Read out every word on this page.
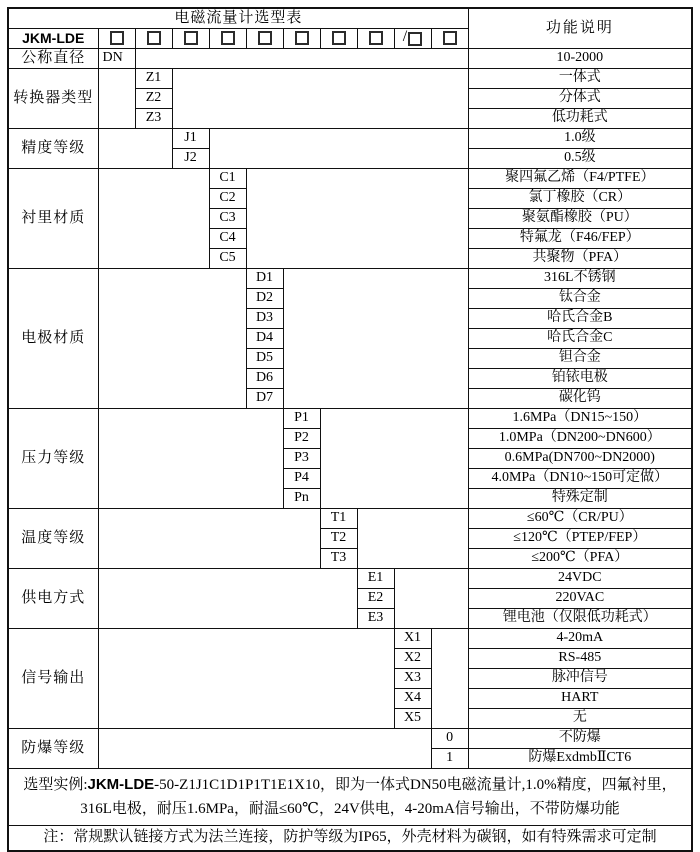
电磁流量计选型表											功能说明
JKM-LDE									/		
公称直径	DN										10-2000
转换器类型		Z1									一体式
		Z2									分体式
		Z3									低功耗式
精度等级			J1								1.0级
			J2								0.5级
衬里材质				C1							聚四氟乙烯（F4/PTFE）
				C2							氯丁橡胶（CR）
				C3							聚氨酯橡胶（PU）
				C4							特氟龙（F46/FEP）
				C5							共聚物（PFA）
电极材质					D1						316L不锈钢
					D2						钛合金
					D3						哈氏合金B
					D4						哈氏合金C
					D5						钽合金
					D6						铂铱电极
					D7						碳化钨
压力等级						P1					1.6MPa（DN15~150）
						P2					1.0MPa（DN200~DN600）
						P3					0.6MPa(DN700~DN2000)
						P4					4.0MPa（DN10~150可定做）
						Pn					特殊定制
温度等级							T1				≤60℃（CR/PU）
							T2				≤120℃（PTEP/FEP）
							T3				≤200℃（PFA）
供电方式								E1			24VDC
								E2			220VAC
								E3			锂电池（仅限低功耗式）
信号输出									X1		4-20mA
									X2		RS-485
									X3		脉冲信号
									X4		HART
									X5		无
防爆等级										0	不防爆
										1	防爆ExdmbⅡCT6

选型实例:JKM-LDE-50-Z1J1C1D1P1T1E1X10，即为一体式DN50电磁流量计,1.0%精度，四氟衬里，
316L电极，耐压1.6MPa，耐温≤60℃，24V供电，4-20mA信号输出，不带防爆功能											

注：常规默认链接方式为法兰连接，防护等级为IP65，外壳材料为碳钢，如有特殊需求可定制											
